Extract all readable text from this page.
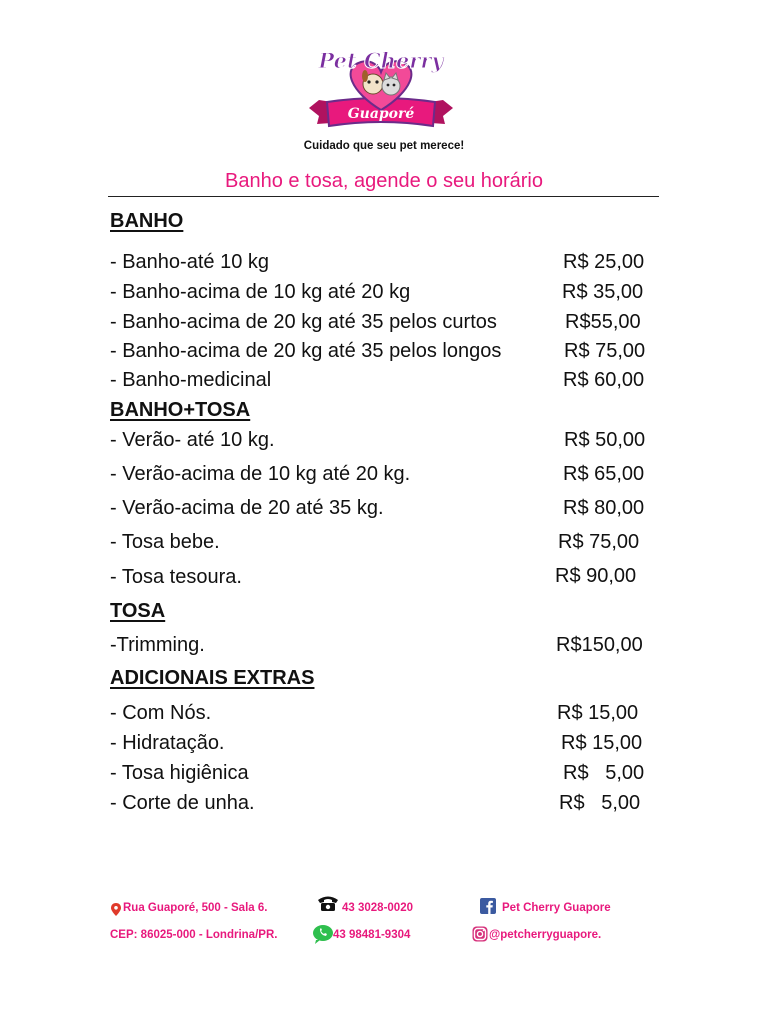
Pet Cherry
Guaporé
Cuidado que seu pet merece!
Banho e tosa, agende o seu horário
BANHO
- Banho-até 10 kg	R$ 25,00
- Banho-acima de 10 kg até 20 kg	R$ 35,00
- Banho-acima de 20 kg até 35 pelos curtos	R$55,00
- Banho-acima de 20 kg até 35 pelos longos	R$ 75,00
- Banho-medicinal	R$ 60,00
BANHO+TOSA
- Verão- até 10 kg.	R$ 50,00
- Verão-acima de 10 kg até 20 kg.	R$ 65,00
- Verão-acima de 20 até 35 kg.	R$ 80,00
- Tosa bebe.	R$ 75,00
- Tosa tesoura.	R$ 90,00
TOSA
-Trimming.	R$150,00
ADICIONAIS EXTRAS
- Com Nós.	R$ 15,00
- Hidratação.	R$ 15,00
- Tosa higiênica	R$   5,00
- Corte de unha.	R$   5,00
Rua Guaporé, 500 - Sala 6.
CEP: 86025-000 - Londrina/PR.
43 3028-0020
43 98481-9304
Pet Cherry Guapore
@petcherryguapore.
